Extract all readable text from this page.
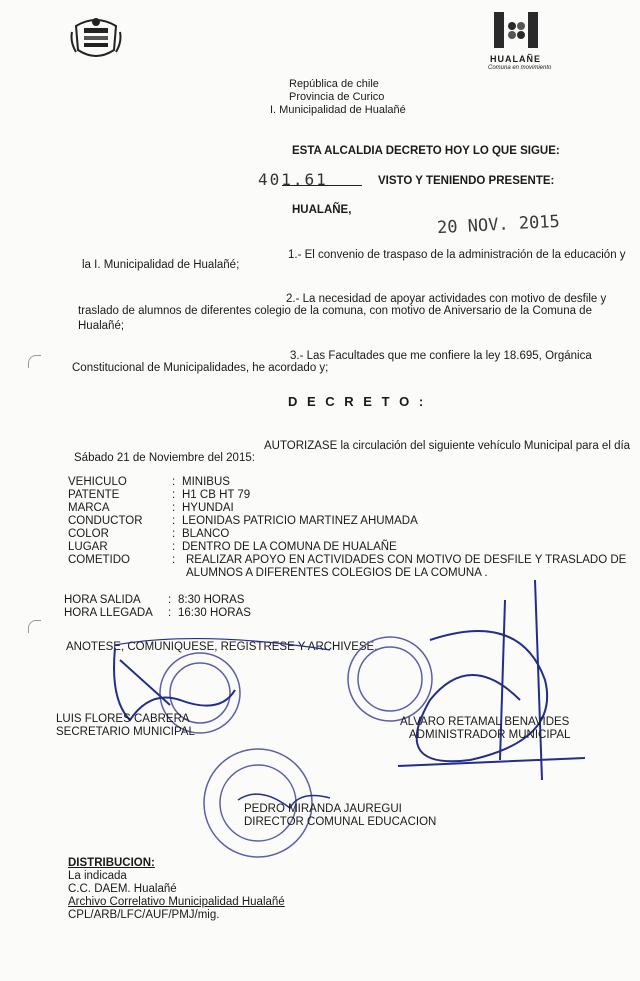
HUALAÑE
Comuna en movimiento
República de chile
Provincia de Curico
I. Municipalidad de Hualañé
ESTA ALCALDIA DECRETO HOY LO QUE SIGUE:
401.61	VISTO Y TENIENDO PRESENTE:
HUALAÑE,
20 NOV. 2015
1.- El convenio de traspaso de la administración de la educación y
la I. Municipalidad de Hualañé;
2.- La necesidad de apoyar actividades con motivo de desfile y
traslado de alumnos de diferentes colegio de la comuna, con motivo de Aniversario de la Comuna de Hualañé;
3.- Las Facultades que me confiere la ley 18.695, Orgánica
Constitucional de Municipalidades, he acordado y;
D E C R E T O :
AUTORIZASE la circulación del siguiente vehículo Municipal para el día
Sábado 21 de Noviembre del 2015:
VEHICULO	: MINIBUS
PATENTE	: H1 CB HT 79
MARCA	: HYUNDAI
CONDUCTOR	: LEONIDAS PATRICIO MARTINEZ AHUMADA
COLOR	: BLANCO
LUGAR	: DENTRO DE LA COMUNA DE HUALAÑE
COMETIDO	: REALIZAR APOYO EN ACTIVIDADES CON MOTIVO DE DESFILE Y TRASLADO DE
ALUMNOS A DIFERENTES COLEGIOS DE LA COMUNA .
HORA SALIDA	: 8:30 HORAS
HORA LLEGADA	: 16:30 HORAS
ANOTESE, COMUNIQUESE, REGISTRESE Y ARCHIVESE.
LUIS FLORES CABRERA
SECRETARIO MUNICIPAL
ALVARO RETAMAL BENAVIDES
ADMINISTRADOR MUNICIPAL
PEDRO MIRANDA JAUREGUI
DIRECTOR COMUNAL EDUCACION
DISTRIBUCION:
La indicada
C.C. DAEM. Hualañé
Archivo Correlativo Municipalidad Hualañé
CPL/ARB/LFC/AUF/PMJ/mig.
